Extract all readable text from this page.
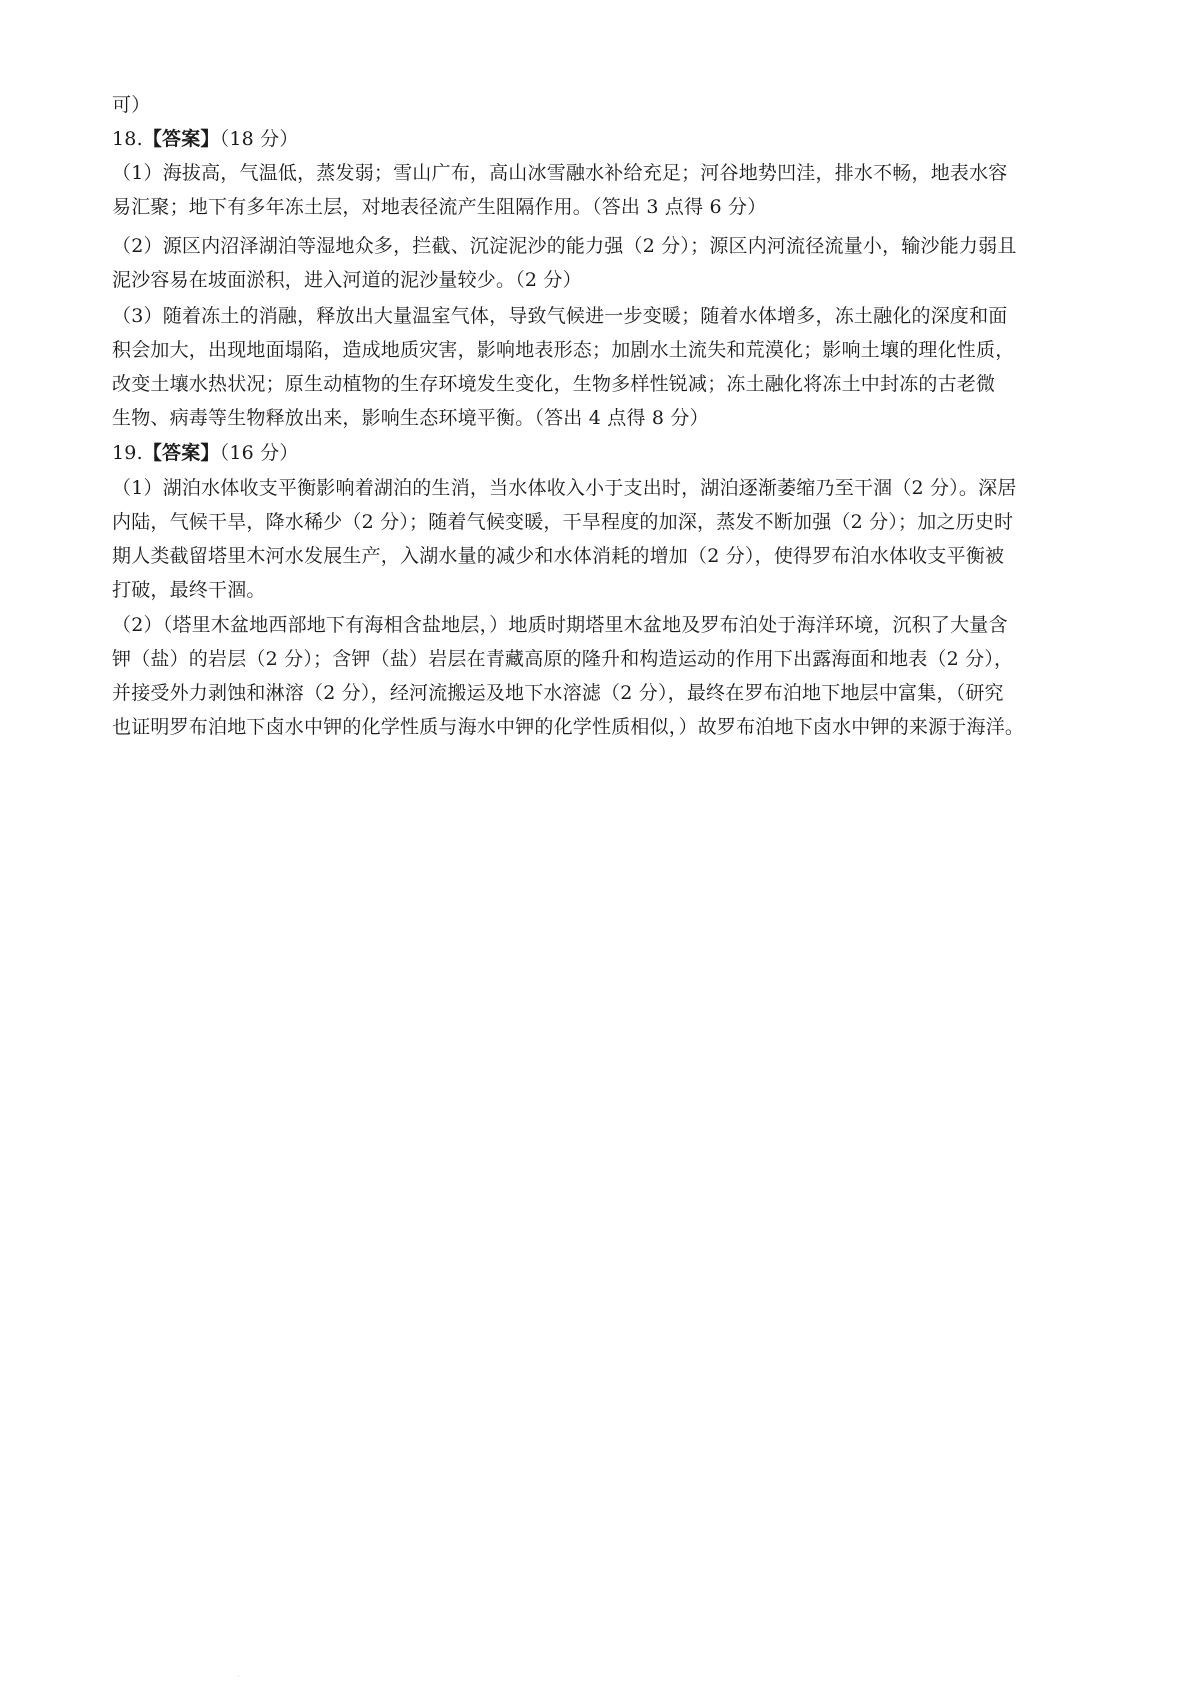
可）
18.【答案】（18 分）
（1）海拔高，气温低，蒸发弱；雪山广布，高山冰雪融水补给充足；河谷地势凹洼，排水不畅，地表水容
易汇聚；地下有多年冻土层，对地表径流产生阻隔作用。（答出 3 点得 6 分）
（2）源区内沼泽湖泊等湿地众多，拦截、沉淀泥沙的能力强（2 分）；源区内河流径流量小，输沙能力弱且
泥沙容易在坡面淤积，进入河道的泥沙量较少。（2 分）
（3）随着冻土的消融，释放出大量温室气体，导致气候进一步变暖；随着水体增多，冻土融化的深度和面
积会加大，出现地面塌陷，造成地质灾害，影响地表形态；加剧水土流失和荒漠化；影响土壤的理化性质，
改变土壤水热状况；原生动植物的生存环境发生变化，生物多样性锐减；冻土融化将冻土中封冻的古老微
生物、病毒等生物释放出来，影响生态环境平衡。（答出 4 点得 8 分）
19.【答案】（16 分）
（1）湖泊水体收支平衡影响着湖泊的生消，当水体收入小于支出时，湖泊逐渐萎缩乃至干涸（2 分）。深居
内陆，气候干旱，降水稀少（2 分）；随着气候变暖，干旱程度的加深，蒸发不断加强（2 分）；加之历史时
期人类截留塔里木河水发展生产，入湖水量的减少和水体消耗的增加（2 分），使得罗布泊水体收支平衡被
打破，最终干涸。
（2）（塔里木盆地西部地下有海相含盐地层，）地质时期塔里木盆地及罗布泊处于海洋环境，沉积了大量含
钾（盐）的岩层（2 分）；含钾（盐）岩层在青藏高原的隆升和构造运动的作用下出露海面和地表（2 分），
并接受外力剥蚀和淋溶（2 分），经河流搬运及地下水溶滤（2 分），最终在罗布泊地下地层中富集，（研究
也证明罗布泊地下卤水中钾的化学性质与海水中钾的化学性质相似，）故罗布泊地下卤水中钾的来源于海洋。
·
